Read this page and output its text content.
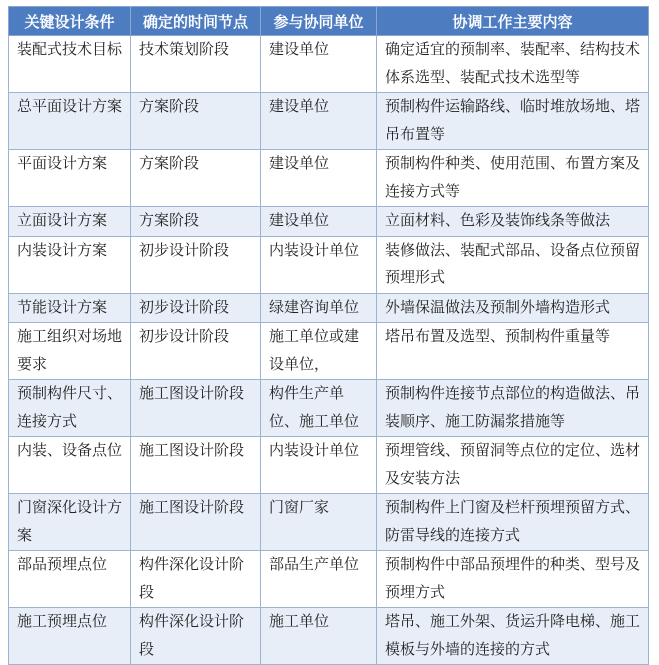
关键设计条件	确定的时间节点	参与协同单位	协调工作主要内容
装配式技术目标	技术策划阶段	建设单位	确定适宜的预制率、装配率、结构技术体系选型、装配式技术选型等
总平面设计方案	方案阶段	建设单位	预制构件运输路线、临时堆放场地、塔吊布置等
平面设计方案	方案阶段	建设单位	预制构件种类、使用范围、布置方案及连接方式等
立面设计方案	方案阶段	建设单位	立面材料、色彩及装饰线条等做法
内装设计方案	初步设计阶段	内装设计单位	装修做法、装配式部品、设备点位预留预埋形式
节能设计方案	初步设计阶段	绿建咨询单位	外墙保温做法及预制外墙构造形式
施工组织对场地要求	初步设计阶段	施工单位或建设单位，	塔吊布置及选型、预制构件重量等
预制构件尺寸、连接方式	施工图设计阶段	构件生产单位、施工单位	预制构件连接节点部位的构造做法、吊装顺序、施工防漏浆措施等
内装、设备点位	施工图设计阶段	内装设计单位	预埋管线、预留洞等点位的定位、选材及安装方法
门窗深化设计方案	施工图设计阶段	门窗厂家	预制构件上门窗及栏杆预埋预留方式、防雷导线的连接方式
部品预埋点位	构件深化设计阶段	部品生产单位	预制构件中部品预埋件的种类、型号及预埋方式
施工预埋点位	构件深化设计阶段	施工单位	塔吊、施工外架、货运升降电梯、施工模板与外墙的连接的方式
